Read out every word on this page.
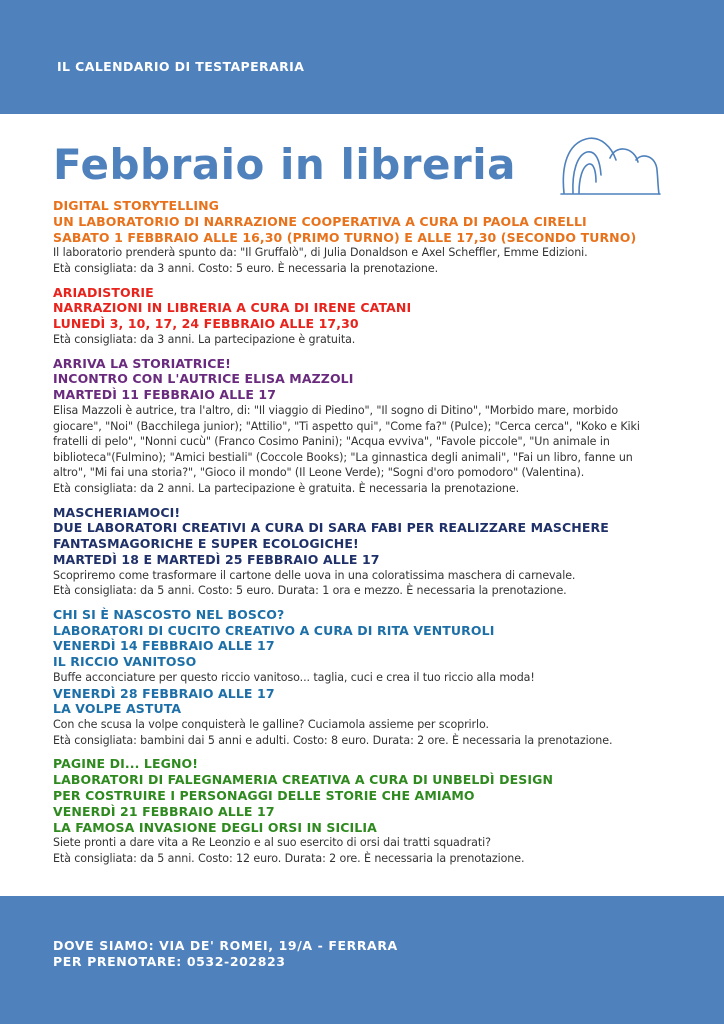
IL CALENDARIO DI TESTAPERARIA
Febbraio in libreria
DIGITAL STORYTELLING
UN LABORATORIO DI NARRAZIONE COOPERATIVA A CURA DI PAOLA CIRELLI
SABATO 1 FEBBRAIO ALLE 16,30 (PRIMO TURNO) E ALLE 17,30 (SECONDO TURNO)
Il laboratorio prenderà spunto da: "Il Gruffalò", di Julia Donaldson e Axel Scheffler, Emme Edizioni.
Età consigliata: da 3 anni. Costo: 5 euro. È necessaria la prenotazione.
ARIADISTORIE
NARRAZIONI IN LIBRERIA A CURA DI IRENE CATANI
LUNEDÌ 3, 10, 17, 24 FEBBRAIO ALLE 17,30
Età consigliata: da 3 anni. La partecipazione è gratuita.
ARRIVA LA STORIATRICE!
INCONTRO CON L'AUTRICE ELISA MAZZOLI
MARTEDÌ 11 FEBBRAIO ALLE 17
Elisa Mazzoli è autrice, tra l'altro, di: "Il viaggio di Piedino", "Il sogno di Ditino", "Morbido mare, morbido
giocare", "Noi" (Bacchilega junior); "Attilio", "Ti aspetto qui", "Come fa?" (Pulce); "Cerca cerca", "Koko e Kiki
fratelli di pelo", "Nonni cucù" (Franco Cosimo Panini); "Acqua evviva", "Favole piccole", "Un animale in
biblioteca"(Fulmino); "Amici bestiali" (Coccole Books); "La ginnastica degli animali", "Fai un libro, fanne un
altro", "Mi fai una storia?", "Gioco il mondo" (Il Leone Verde); "Sogni d'oro pomodoro" (Valentina).
Età consigliata: da 2 anni. La partecipazione è gratuita. È necessaria la prenotazione.
MASCHERIAMOCI!
DUE LABORATORI CREATIVI A CURA DI SARA FABI PER REALIZZARE MASCHERE
FANTASMAGORICHE E SUPER ECOLOGICHE!
MARTEDÌ 18 E MARTEDÌ 25 FEBBRAIO ALLE 17
Scopriremo come trasformare il cartone delle uova in una coloratissima maschera di carnevale.
Età consigliata: da 5 anni. Costo: 5 euro. Durata: 1 ora e mezzo. È necessaria la prenotazione.
CHI SI È NASCOSTO NEL BOSCO?
LABORATORI DI CUCITO CREATIVO A CURA DI RITA VENTUROLI
VENERDÌ 14 FEBBRAIO ALLE 17
IL RICCIO VANITOSO
Buffe acconciature per questo riccio vanitoso... taglia, cuci e crea il tuo riccio alla moda!
VENERDÌ 28 FEBBRAIO ALLE 17
LA VOLPE ASTUTA
Con che scusa la volpe conquisterà le galline? Cuciamola assieme per scoprirlo.
Età consigliata: bambini dai 5 anni e adulti. Costo: 8 euro. Durata: 2 ore. È necessaria la prenotazione.
PAGINE DI... LEGNO!
LABORATORI DI FALEGNAMERIA CREATIVA A CURA DI UNBELDÌ DESIGN
PER COSTRUIRE I PERSONAGGI DELLE STORIE CHE AMIAMO
VENERDÌ 21 FEBBRAIO ALLE 17
LA FAMOSA INVASIONE DEGLI ORSI IN SICILIA
Siete pronti a dare vita a Re Leonzio e al suo esercito di orsi dai tratti squadrati?
Età consigliata: da 5 anni. Costo: 12 euro. Durata: 2 ore. È necessaria la prenotazione.
DOVE SIAMO: VIA DE' ROMEI, 19/A - FERRARA
PER PRENOTARE: 0532-202823
